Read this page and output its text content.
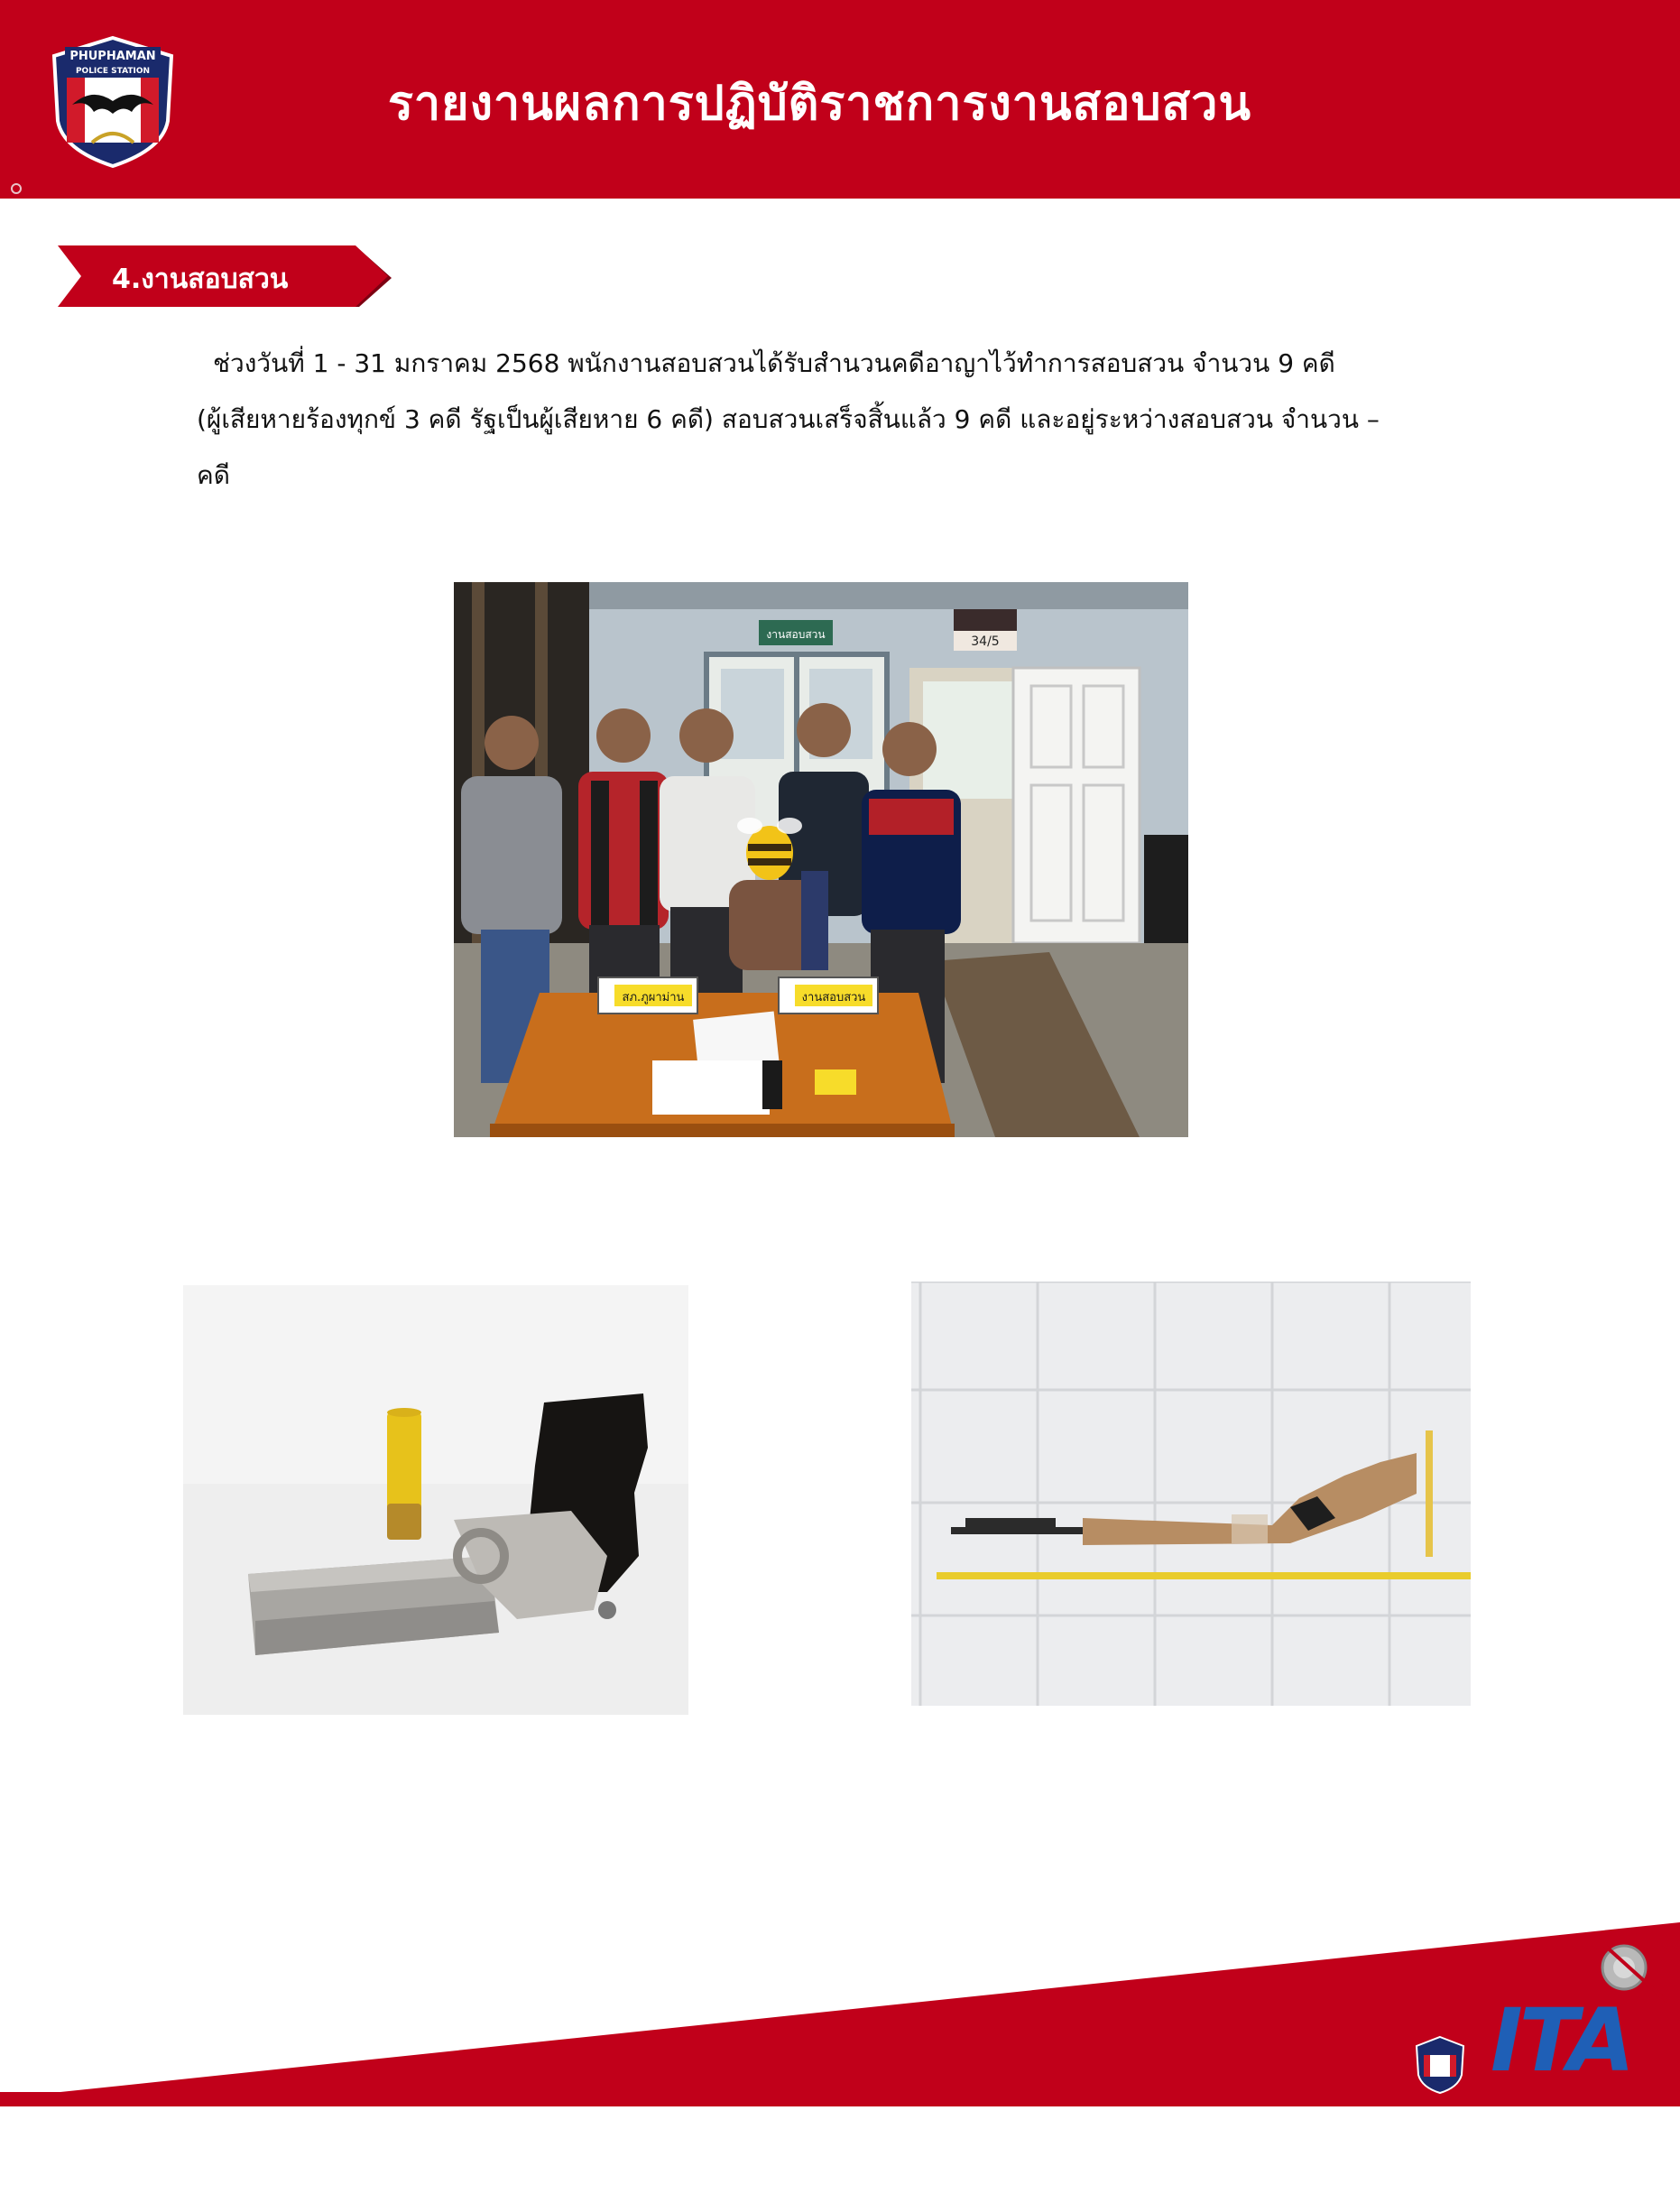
PHUPHAMAN
POLICE STATION
รายงานผลการปฏิบัติราชการงานสอบสวน
4.งานสอบสวน
ช่วงวันที่ 1 - 31 มกราคม 2568 พนักงานสอบสวนได้รับสำนวนคดีอาญาไว้ทำการสอบสวน จำนวน 9 คดี
(ผู้เสียหายร้องทุกข์ 3 คดี รัฐเป็นผู้เสียหาย 6 คดี) สอบสวนเสร็จสิ้นแล้ว 9 คดี และอยู่ระหว่างสอบสวน จำนวน –
คดี
งานสอบสวน	34/5
สภ.ภูผาม่าน	งานสอบสวน
ITA
